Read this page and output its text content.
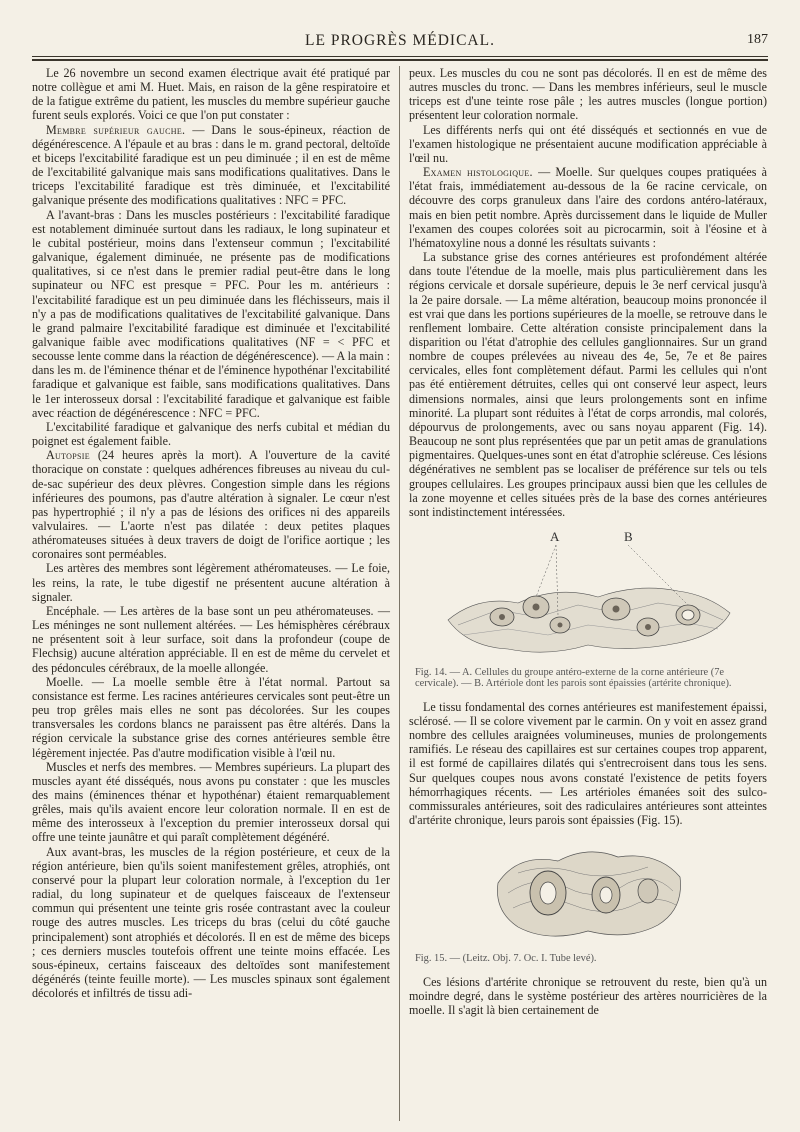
LE PROGRÈS MÉDICAL.	187

Le 26 novembre un second examen électrique avait été pratiqué par notre collègue et ami M. Huet. Mais, en raison de la gêne respiratoire et de la fatigue extrême du patient, les muscles du membre supérieur gauche furent seuls explorés. Voici ce que l'on put constater :

Membre supérieur gauche. — Dans le sous-épineux, réaction de dégénérescence. A l'épaule et au bras : dans le m. grand pectoral, deltoïde et biceps l'excitabilité faradique est un peu diminuée ; il en est de même de l'excitabilité galvanique mais sans modifications qualitatives. Dans le triceps l'excitabilité faradique est très diminuée, et l'excitabilité galvanique présente des modifications qualitatives : NFC = PFC.

A l'avant-bras : Dans les muscles postérieurs : l'excitabilité faradique est notablement diminuée surtout dans les radiaux, le long supinateur et le cubital postérieur, moins dans l'extenseur commun ; l'excitabilité galvanique, également diminuée, ne présente pas de modifications qualitatives, si ce n'est dans le premier radial peut-être dans le long supinateur ou NFC est presque = PFC. Pour les m. antérieurs : l'excitabilité faradique est un peu diminuée dans les fléchisseurs, mais il n'y a pas de modifications qualitatives de l'excitabilité galvanique. Dans le grand palmaire l'excitabilité faradique est diminuée et l'excitabilité galvanique faible avec modifications qualitatives (NF = < PFC et secousse lente comme dans la réaction de dégénérescence). — A la main : dans les m. de l'éminence thénar et de l'éminence hypothénar l'excitabilité faradique et galvanique est faible, sans modifications qualitatives. Dans le 1er interosseux dorsal : l'excitabilité faradique et galvanique est faible avec réaction de dégénérescence : NFC = PFC.

L'excitabilité faradique et galvanique des nerfs cubital et médian du poignet est également faible.

Autopsie (24 heures après la mort). A l'ouverture de la cavité thoracique on constate : quelques adhérences fibreuses au niveau du cul-de-sac supérieur des deux plèvres. Congestion simple dans les régions inférieures des poumons, pas d'autre altération à signaler. Le cœur n'est pas hypertrophié ; il n'y a pas de lésions des orifices ni des appareils valvulaires. — L'aorte n'est pas dilatée : deux petites plaques athéromateuses situées à deux travers de doigt de l'orifice aortique ; les coronaires sont perméables.

Les artères des membres sont légèrement athéromateuses. — Le foie, les reins, la rate, le tube digestif ne présentent aucune altération à signaler.

Encéphale. — Les artères de la base sont un peu athéromateuses. — Les méninges ne sont nullement altérées. — Les hémisphères cérébraux ne présentent soit à leur surface, soit dans la profondeur (coupe de Flechsig) aucune altération appréciable. Il en est de même du cervelet et des pédoncules cérébraux, de la moelle allongée.

Moelle. — La moelle semble être à l'état normal. Partout sa consistance est ferme. Les racines antérieures cervicales sont peut-être un peu trop grêles mais elles ne sont pas décolorées. Sur les coupes transversales les cordons blancs ne paraissent pas être altérés. Dans la région cervicale la substance grise des cornes antérieures semble être légèrement injectée. Pas d'autre modification visible à l'œil nu.

Muscles et nerfs des membres. — Membres supérieurs. La plupart des muscles ayant été disséqués, nous avons pu constater : que les muscles des mains (éminences thénar et hypothénar) étaient remarquablement grêles, mais qu'ils avaient encore leur coloration normale. Il en est de même des interosseux à l'exception du premier interosseux dorsal qui offre une teinte jaunâtre et qui paraît complètement dégénéré.

Aux avant-bras, les muscles de la région postérieure, et ceux de la région antérieure, bien qu'ils soient manifestement grêles, atrophiés, ont conservé pour la plupart leur coloration normale, à l'exception du 1er radial, du long supinateur et de quelques faisceaux de l'extenseur commun qui présentent une teinte gris rosée contrastant avec la couleur rouge des autres muscles. Les triceps du bras (celui du côté gauche principalement) sont atrophiés et décolorés. Il en est de même des biceps ; ces derniers muscles toutefois offrent une teinte moins effacée. Les sous-épineux, certains faisceaux des deltoïdes sont manifestement dégénérés (teinte feuille morte). — Les muscles spinaux sont également décolorés et infiltrés de tissu adi-

peux. Les muscles du cou ne sont pas décolorés. Il en est de même des autres muscles du tronc. — Dans les membres inférieurs, seul le muscle triceps est d'une teinte rose pâle ; les autres muscles (longue portion) présentent leur coloration normale.

Les différents nerfs qui ont été disséqués et sectionnés en vue de l'examen histologique ne présentaient aucune modification appréciable à l'œil nu.

Examen histologique. — Moelle. Sur quelques coupes pratiquées à l'état frais, immédiatement au-dessous de la 6e racine cervicale, on découvre des corps granuleux dans l'aire des cordons antéro-latéraux, mais en bien petit nombre. Après durcissement dans le liquide de Muller l'examen des coupes colorées soit au picrocarmin, soit à l'éosine et à l'hématoxyline nous a donné les résultats suivants :

La substance grise des cornes antérieures est profondément altérée dans toute l'étendue de la moelle, mais plus particulièrement dans les régions cervicale et dorsale supérieure, depuis le 3e nerf cervical jusqu'à la 2e paire dorsale. — La même altération, beaucoup moins prononcée il est vrai que dans les portions supérieures de la moelle, se retrouve dans le renflement lombaire. Cette altération consiste principalement dans la disparition ou l'état d'atrophie des cellules ganglionnaires. Sur un grand nombre de coupes prélevées au niveau des 4e, 5e, 7e et 8e paires cervicales, elles font complètement défaut. Parmi les cellules qui n'ont pas été entièrement détruites, celles qui ont conservé leur aspect, leurs dimensions normales, ainsi que leurs prolongements sont en infime minorité. La plupart sont réduites à l'état de corps arrondis, mal colorés, dépourvus de prolongements, avec ou sans noyau apparent (Fig. 14). Beaucoup ne sont plus représentées que par un petit amas de granulations pigmentaires. Quelques-unes sont en état d'atrophie scléreuse. Ces lésions dégénératives ne semblent pas se localiser de préférence sur tels ou tels groupes cellulaires. Les groupes principaux aussi bien que les cellules de la zone moyenne et celles situées près de la base des cornes antérieures sont indistinctement intéressées.

A	B
Fig. 14. — A. Cellules du groupe antéro-externe de la corne antérieure (7e cervicale). — B. Artériole dont les parois sont épaissies (artérite chronique).

Le tissu fondamental des cornes antérieures est manifestement épaissi, sclérosé. — Il se colore vivement par le carmin. On y voit en assez grand nombre des cellules araignées volumineuses, munies de prolongements ramifiés. Le réseau des capillaires est sur certaines coupes trop apparent, il est formé de capillaires dilatés qui s'entrecroisent dans tous les sens. Sur quelques coupes nous avons constaté l'existence de petits foyers hémorrhagiques récents. — Les artérioles émanées soit des sulco-commissurales antérieures, soit des radiculaires antérieures sont atteintes d'artérite chronique, leurs parois sont épaissies (Fig. 15).

Fig. 15. — (Leitz. Obj. 7. Oc. I. Tube levé).

Ces lésions d'artérite chronique se retrouvent du reste, bien qu'à un moindre degré, dans le système postérieur des artères nourricières de la moelle. Il s'agit là bien certainement de
